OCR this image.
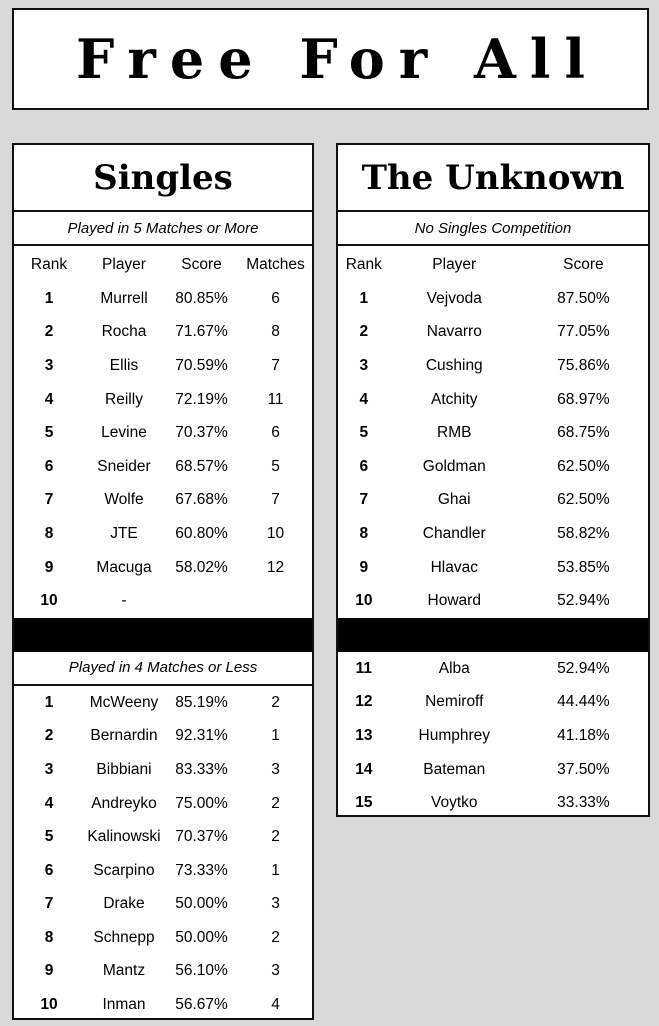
Free For All
Singles
Played in 5 Matches or More
Rank	Player	Score	Matches
1	Murrell	80.85%	6
2	Rocha	71.67%	8
3	Ellis	70.59%	7
4	Reilly	72.19%	11
5	Levine	70.37%	6
6	Sneider	68.57%	5
7	Wolfe	67.68%	7
8	JTE	60.80%	10
9	Macuga	58.02%	12
10	-
Played in 4 Matches or Less
1	McWeeny	85.19%	2
2	Bernardin	92.31%	1
3	Bibbiani	83.33%	3
4	Andreyko	75.00%	2
5	Kalinowski 70.37%	2
6	Scarpino	73.33%	1
7	Drake	50.00%	3
8	Schnepp	50.00%	2
9	Mantz	56.10%	3
10	Inman	56.67%	4
The Unknown
No Singles Competition
Rank	Player	Score
1	Vejvoda	87.50%
2	Navarro	77.05%
3	Cushing	75.86%
4	Atchity	68.97%
5	RMB	68.75%
6	Goldman	62.50%
7	Ghai	62.50%
8	Chandler	58.82%
9	Hlavac	53.85%
10	Howard	52.94%
11	Alba	52.94%
12	Nemiroff	44.44%
13	Humphrey	41.18%
14	Bateman	37.50%
15	Voytko	33.33%
